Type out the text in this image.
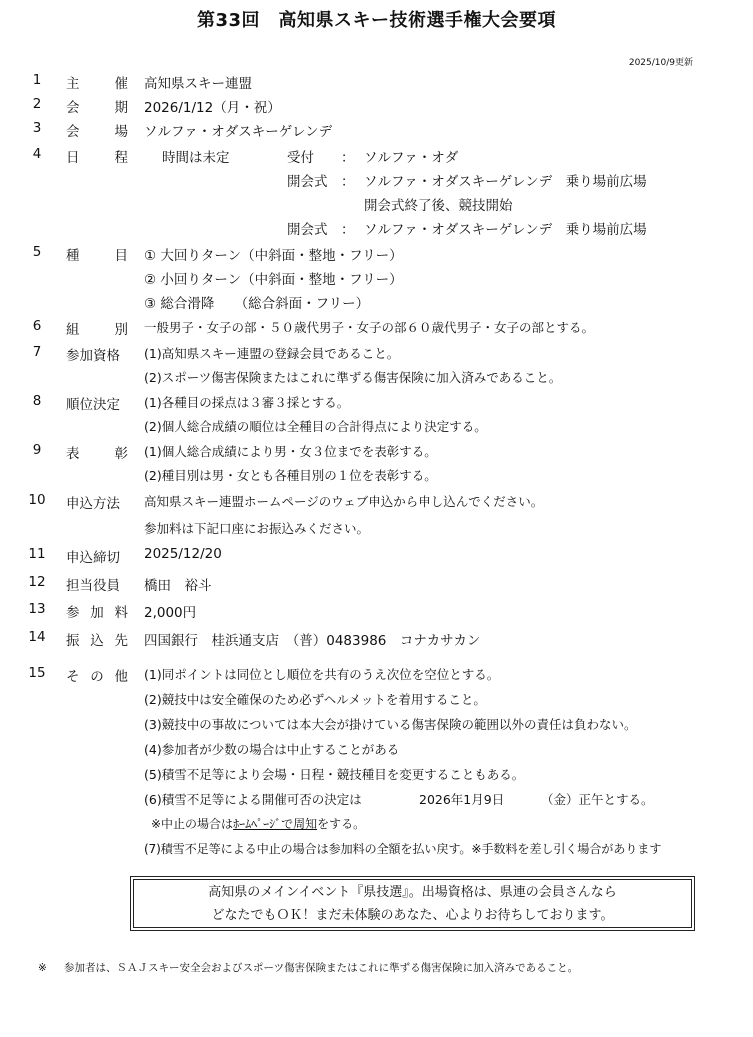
第33回　高知県スキー技術選手権大会要項
2025/10/9更新
1	主	催 高知県スキー連盟
2	会	期 2026/1/12（月・祝）
3	会	場 ソルファ・オダスキーゲレンデ
4	日	程	時間は未定	受付 ： ソルファ・オダ
開会式 ： ソルファ・オダスキーゲレンデ　乗り場前広場
開会式終了後、競技開始
開会式 ： ソルファ・オダスキーゲレンデ　乗り場前広場
5	種	目 ① 大回りターン（中斜面・整地・フリー）
② 小回りターン（中斜面・整地・フリー）
③ 総合滑降　　（総合斜面・フリー）
6	組	別 一般男子・女子の部・５０歳代男子・女子の部６０歳代男子・女子の部とする。
7	参加資格	(1)高知県スキー連盟の登録会員であること。
(2)スポーツ傷害保険またはこれに準ずる傷害保険に加入済みであること。
8	順位決定	(1)各種目の採点は３審３採とする。
(2)個人総合成績の順位は全種目の合計得点により決定する。
9	表	彰 (1)個人総合成績により男・女３位までを表彰する。
(2)種目別は男・女とも各種目別の１位を表彰する。
10	申込方法	高知県スキー連盟ホームページのウェブ申込から申し込んでください。
参加料は下記口座にお振込みください。
11	申込締切	2025/12/20
12	担当役員	橋田　裕斗
13	参 加 料 2,000円
14	振 込 先 四国銀行　桂浜通支店　（普）0483986　コナカサカン
15	そ の 他 (1)同ポイントは同位とし順位を共有のうえ次位を空位とする。
(2)競技中は安全確保のため必ずヘルメットを着用すること。
(3)競技中の事故については本大会が掛けている傷害保険の範囲以外の責任は負わない。
(4)参加者が少数の場合は中止することがある
(5)積雪不足等により会場・日程・競技種目を変更することもある。
(6)積雪不足等による開催可否の決定は	2026年1月9日	（金）正午とする。
※中止の場合はﾎｰﾑﾍﾟｰｼﾞで周知をする。
(7)積雪不足等による中止の場合は参加料の全額を払い戻す。※手数料を差し引く場合があります
高知県のメインイベント『県技選』。出場資格は、県連の会員さんなら
どなたでもＯＫ！まだ未体験のあなた、心よりお待ちしております。
※ 参加者は、ＳＡＪスキー安全会およびスポーツ傷害保険またはこれに準ずる傷害保険に加入済みであること。
